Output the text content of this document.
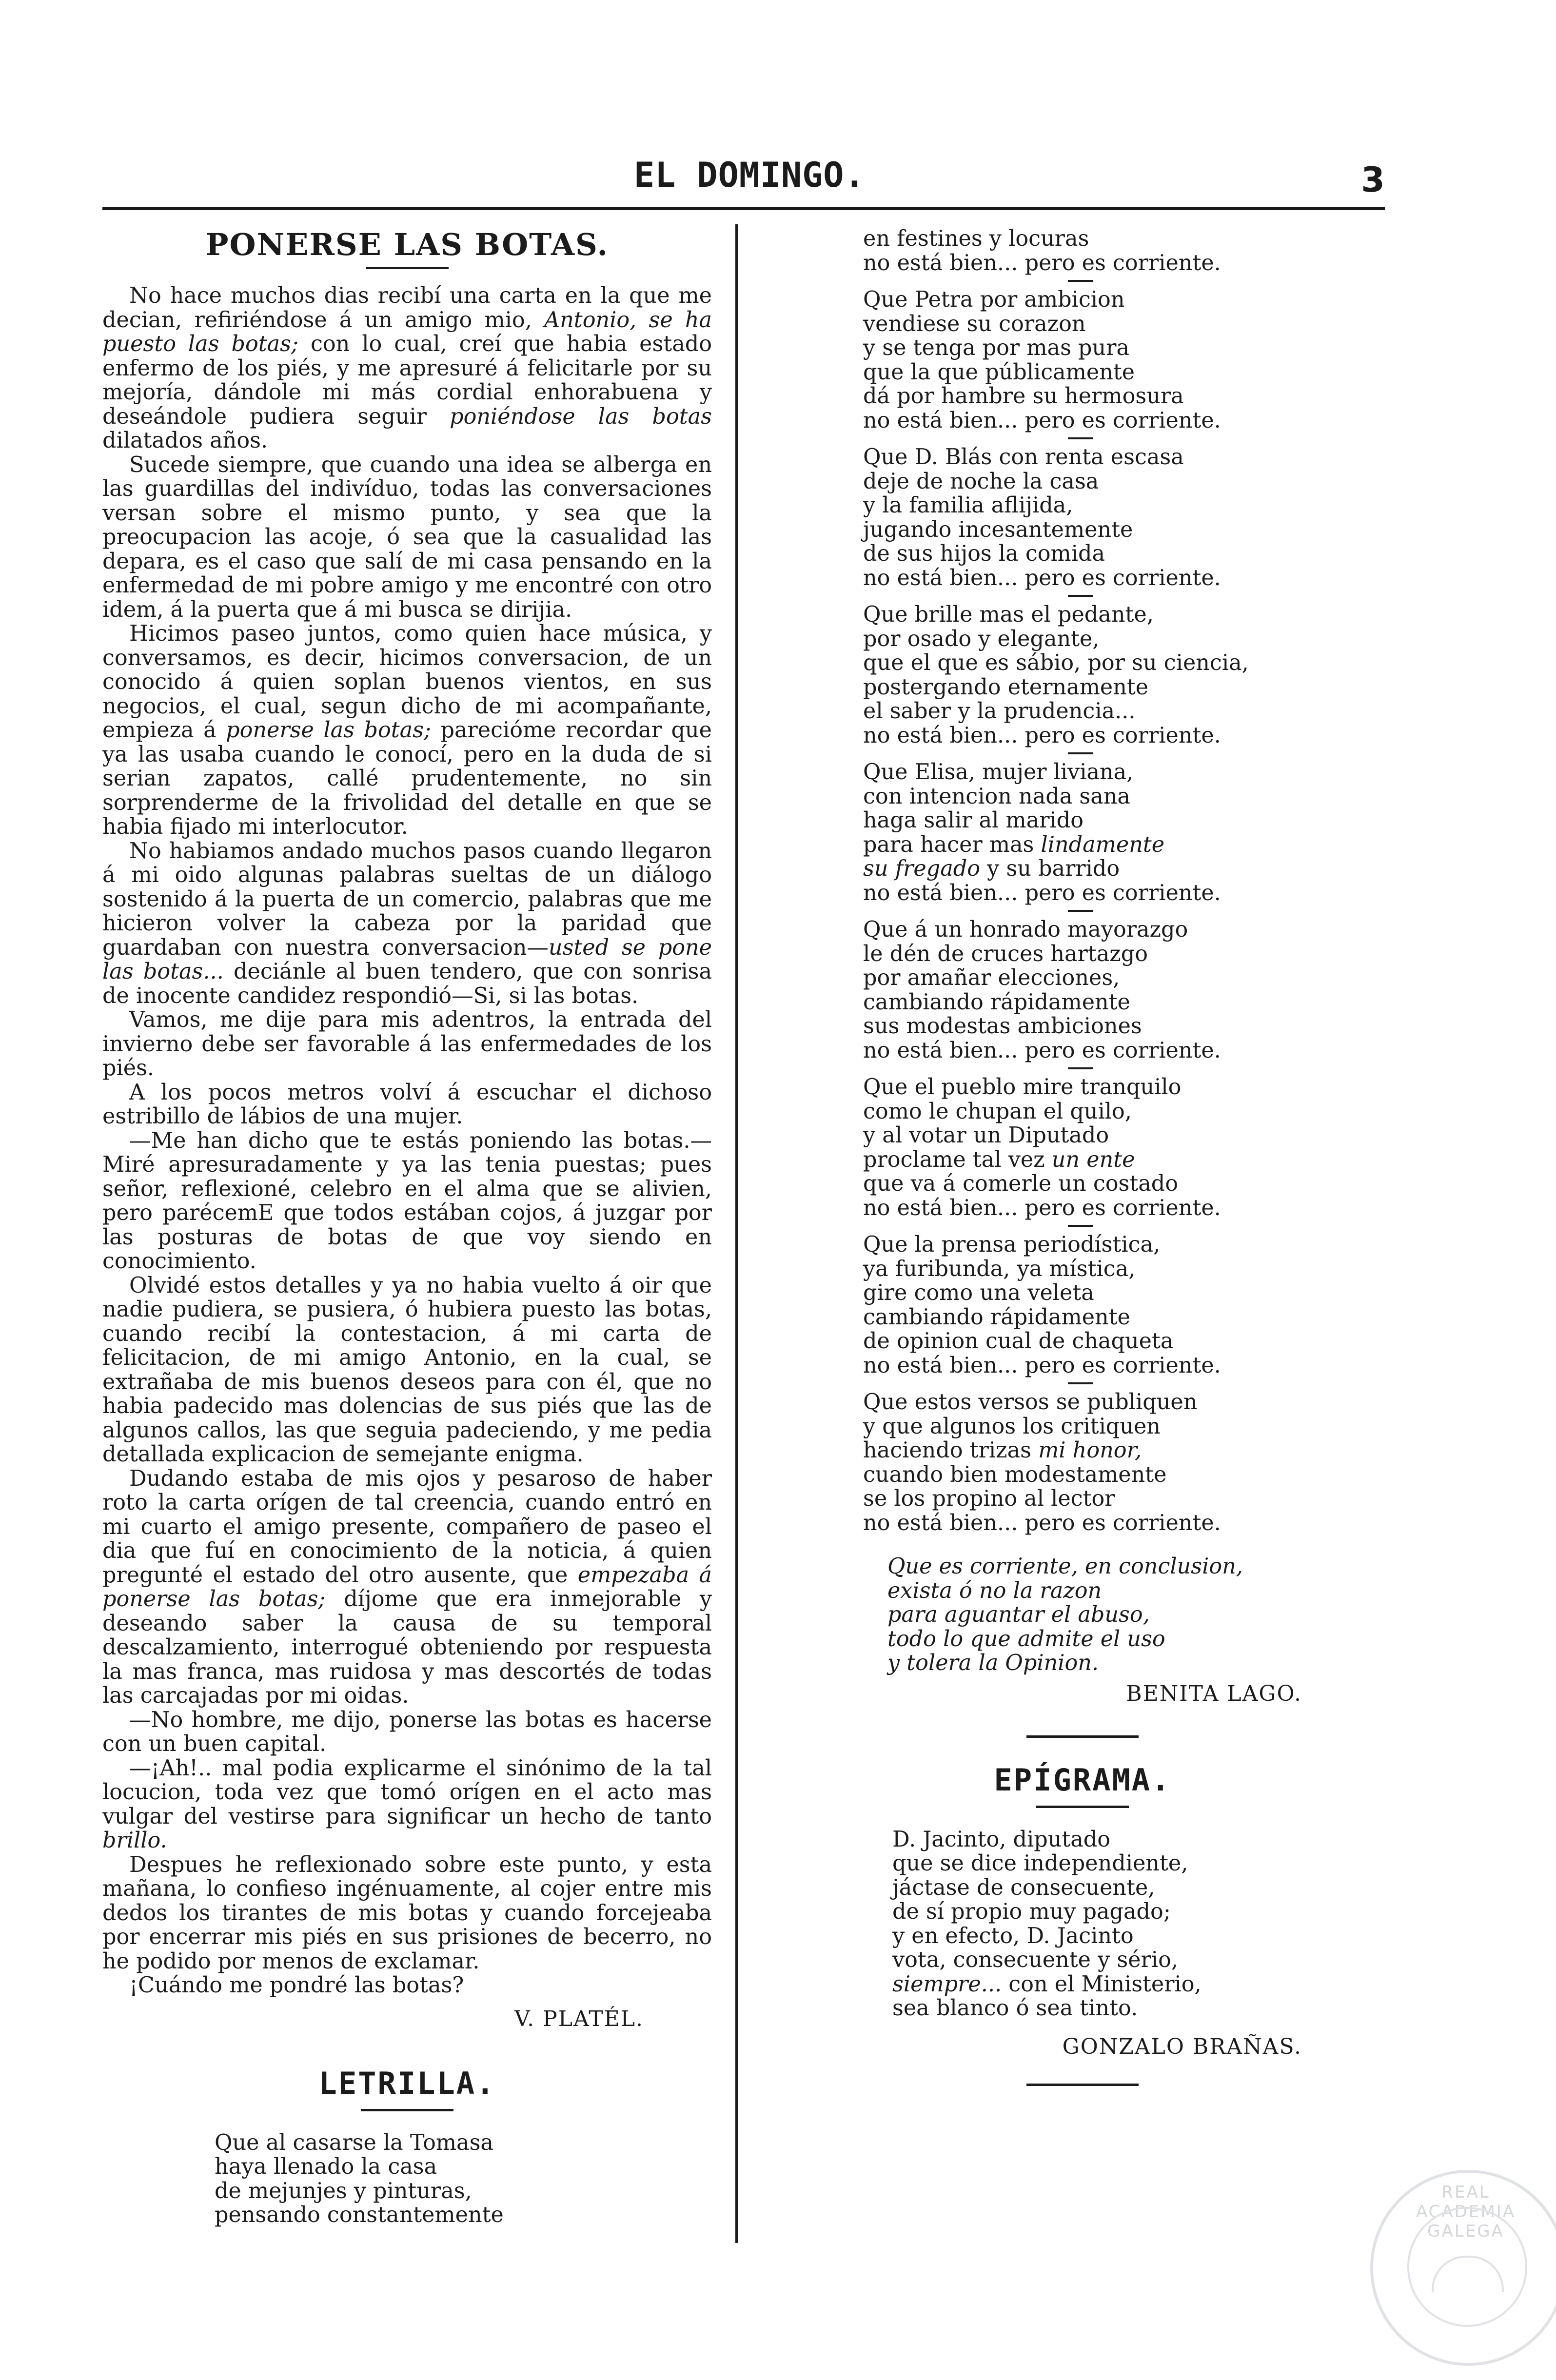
EL DOMINGO.	3
PONERSE LAS BOTAS.

No hace muchos dias recibí una carta en la que me decian, refiriéndose á un amigo mio, Antonio, se ha puesto las botas; con lo cual, creí que habia estado enfermo de los piés, y me apresuré á felicitarle por su mejoría, dándole mi más cordial enhorabuena y deseándole pudiera seguir poniéndose las botas dilatados años.

Sucede siempre, que cuando una idea se alberga en las guardillas del indivíduo, todas las conversaciones versan sobre el mismo punto, y sea que la preocupacion las acoje, ó sea que la casualidad las depara, es el caso que salí de mi casa pensando en la enfermedad de mi pobre amigo y me encontré con otro idem, á la puerta que á mi busca se dirijia.

Hicimos paseo juntos, como quien hace música, y conversamos, es decir, hicimos conversacion, de un conocido á quien soplan buenos vientos, en sus negocios, el cual, segun dicho de mi acompañante, empieza á ponerse las botas; parecióme recordar que ya las usaba cuando le conocí, pero en la duda de si serian zapatos, callé prudentemente, no sin sorprenderme de la frivolidad del detalle en que se habia fijado mi interlocutor.

No habiamos andado muchos pasos cuando llegaron á mi oido algunas palabras sueltas de un diálogo sostenido á la puerta de un comercio, palabras que me hicieron volver la cabeza por la paridad que guardaban con nuestra conversacion—usted se pone las botas... deciánle al buen tendero, que con sonrisa de inocente candidez respondió—Si, si las botas.

Vamos, me dije para mis adentros, la entrada del invierno debe ser favorable á las enfermedades de los piés.

A los pocos metros volví á escuchar el dichoso estribillo de lábios de una mujer.

—Me han dicho que te estás poniendo las botas.— Miré apresuradamente y ya las tenia puestas; pues señor, reflexioné, celebro en el alma que se alivien, pero parécemE que todos estában cojos, á juzgar por las posturas de botas de que voy siendo en conocimiento.

Olvidé estos detalles y ya no habia vuelto á oir que nadie pudiera, se pusiera, ó hubiera puesto las botas, cuando recibí la contestacion, á mi carta de felicitacion, de mi amigo Antonio, en la cual, se extrañaba de mis buenos deseos para con él, que no habia padecido mas dolencias de sus piés que las de algunos callos, las que seguia padeciendo, y me pedia detallada explicacion de semejante enigma.

Dudando estaba de mis ojos y pesaroso de haber roto la carta orígen de tal creencia, cuando entró en mi cuarto el amigo presente, compañero de paseo el dia que fuí en conocimiento de la noticia, á quien pregunté el estado del otro ausente, que empezaba á ponerse las botas; díjome que era inmejorable y deseando saber la causa de su temporal descalzamiento, interrogué obteniendo por respuesta la mas franca, mas ruidosa y mas descortés de todas las carcajadas por mi oidas.

—No hombre, me dijo, ponerse las botas es hacerse con un buen capital.

—¡Ah!.. mal podia explicarme el sinónimo de la tal locucion, toda vez que tomó orígen en el acto mas vulgar del vestirse para significar un hecho de tanto brillo.

Despues he reflexionado sobre este punto, y esta mañana, lo confieso ingénuamente, al cojer entre mis dedos los tirantes de mis botas y cuando forcejeaba por encerrar mis piés en sus prisiones de becerro, no he podido por menos de exclamar.

¡Cuándo me pondré las botas?

V. PLATÉL.
LETRILLA.
Que al casarse la Tomasa
haya llenado la casa
de mejunjes y pinturas,
pensando constantemente
en festines y locuras
no está bien... pero es corriente.
Que Petra por ambicion
vendiese su corazon
y se tenga por mas pura
que la que públicamente
dá por hambre su hermosura
no está bien... pero es corriente.
Que D. Blás con renta escasa
deje de noche la casa
y la familia aflijida,
jugando incesantemente
de sus hijos la comida
no está bien... pero es corriente.
Que brille mas el pedante,
por osado y elegante,
que el que es sábio, por su ciencia,
postergando eternamente
el saber y la prudencia...
no está bien... pero es corriente.
Que Elisa, mujer liviana,
con intencion nada sana
haga salir al marido
para hacer mas lindamente
su fregado y su barrido
no está bien... pero es corriente.
Que á un honrado mayorazgo
le dén de cruces hartazgo
por amañar elecciones,
cambiando rápidamente
sus modestas ambiciones
no está bien... pero es corriente.
Que el pueblo mire tranquilo
como le chupan el quilo,
y al votar un Diputado
proclame tal vez un ente
que va á comerle un costado
no está bien... pero es corriente.
Que la prensa periodística,
ya furibunda, ya mística,
gire como una veleta
cambiando rápidamente
de opinion cual de chaqueta
no está bien... pero es corriente.
Que estos versos se publiquen
y que algunos los critiquen
haciendo trizas mi honor,
cuando bien modestamente
se los propino al lector
no está bien... pero es corriente.
Que es corriente, en conclusion,
exista ó no la razon
para aguantar el abuso,
todo lo que admite el uso
y tolera la Opinion.
BENITA LAGO.
EPÍGRAMA.
D. Jacinto, diputado
que se dice independiente,
jáctase de consecuente,
de sí propio muy pagado;
y en efecto, D. Jacinto
vota, consecuente y sério,
siempre... con el Ministerio,
sea blanco ó sea tinto.
GONZALO BRAÑAS.
REAL ACADEMIA GALEGA
